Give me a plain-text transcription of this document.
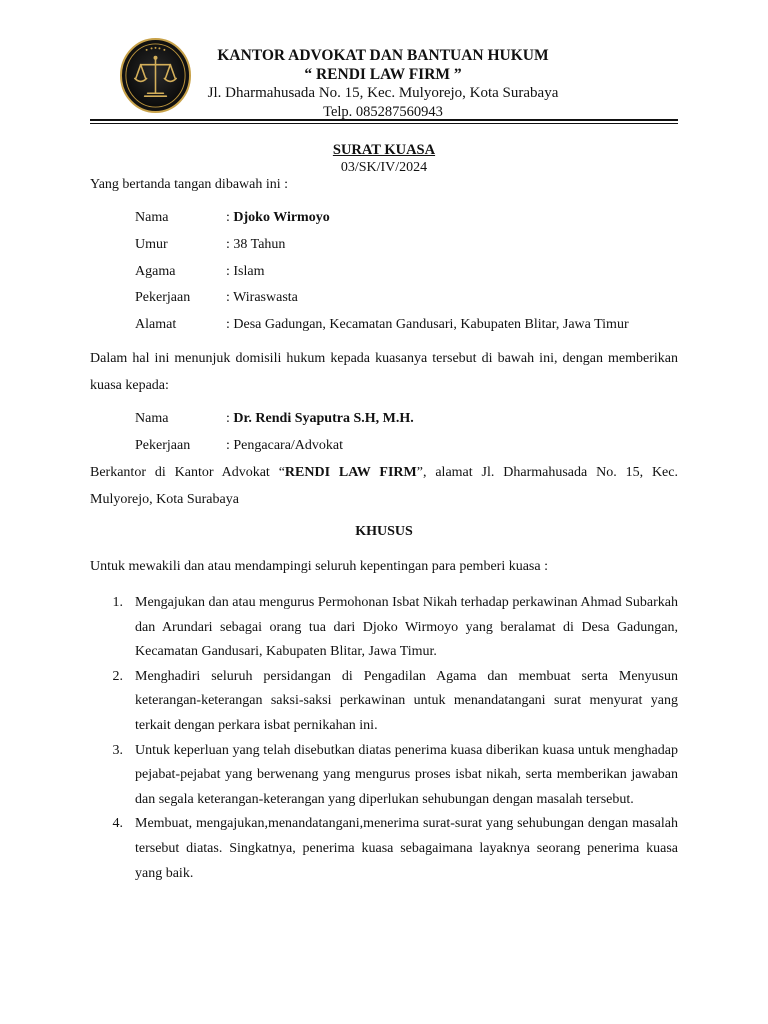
KANTOR ADVOKAT DAN BANTUAN HUKUM
“ RENDI LAW FIRM ”
Jl. Dharmahusada No. 15, Kec. Mulyorejo, Kota Surabaya
Telp. 085287560943
SURAT KUASA
03/SK/IV/2024
Yang bertanda tangan dibawah ini :
Nama	: Djoko Wirmoyo
Umur	: 38 Tahun
Agama	: Islam
Pekerjaan	: Wiraswasta
Alamat	: Desa Gadungan, Kecamatan Gandusari, Kabupaten Blitar, Jawa Timur
Dalam hal ini menunjuk domisili hukum kepada kuasanya tersebut di bawah ini, dengan memberikan kuasa kepada:
Nama	: Dr. Rendi Syaputra S.H, M.H.
Pekerjaan	: Pengacara/Advokat
Berkantor di Kantor Advokat “RENDI LAW FIRM”, alamat Jl. Dharmahusada No. 15, Kec. Mulyorejo, Kota Surabaya
KHUSUS
Untuk mewakili dan atau mendampingi seluruh kepentingan para pemberi kuasa :
1. Mengajukan dan atau mengurus Permohonan Isbat Nikah terhadap perkawinan Ahmad Subarkah dan Arundari sebagai orang tua dari Djoko Wirmoyo yang beralamat di Desa Gadungan, Kecamatan Gandusari, Kabupaten Blitar, Jawa Timur.
2. Menghadiri seluruh persidangan di Pengadilan Agama dan membuat serta Menyusun keterangan-keterangan saksi-saksi perkawinan untuk menandatangani surat menyurat yang terkait dengan perkara isbat pernikahan ini.
3. Untuk keperluan yang telah disebutkan diatas penerima kuasa diberikan kuasa untuk menghadap pejabat-pejabat yang berwenang yang mengurus proses isbat nikah, serta memberikan jawaban dan segala keterangan-keterangan yang diperlukan sehubungan dengan masalah tersebut.
4. Membuat, mengajukan,menandatangani,menerima surat-surat yang sehubungan dengan masalah tersebut diatas. Singkatnya, penerima kuasa sebagaimana layaknya seorang penerima kuasa yang baik.
